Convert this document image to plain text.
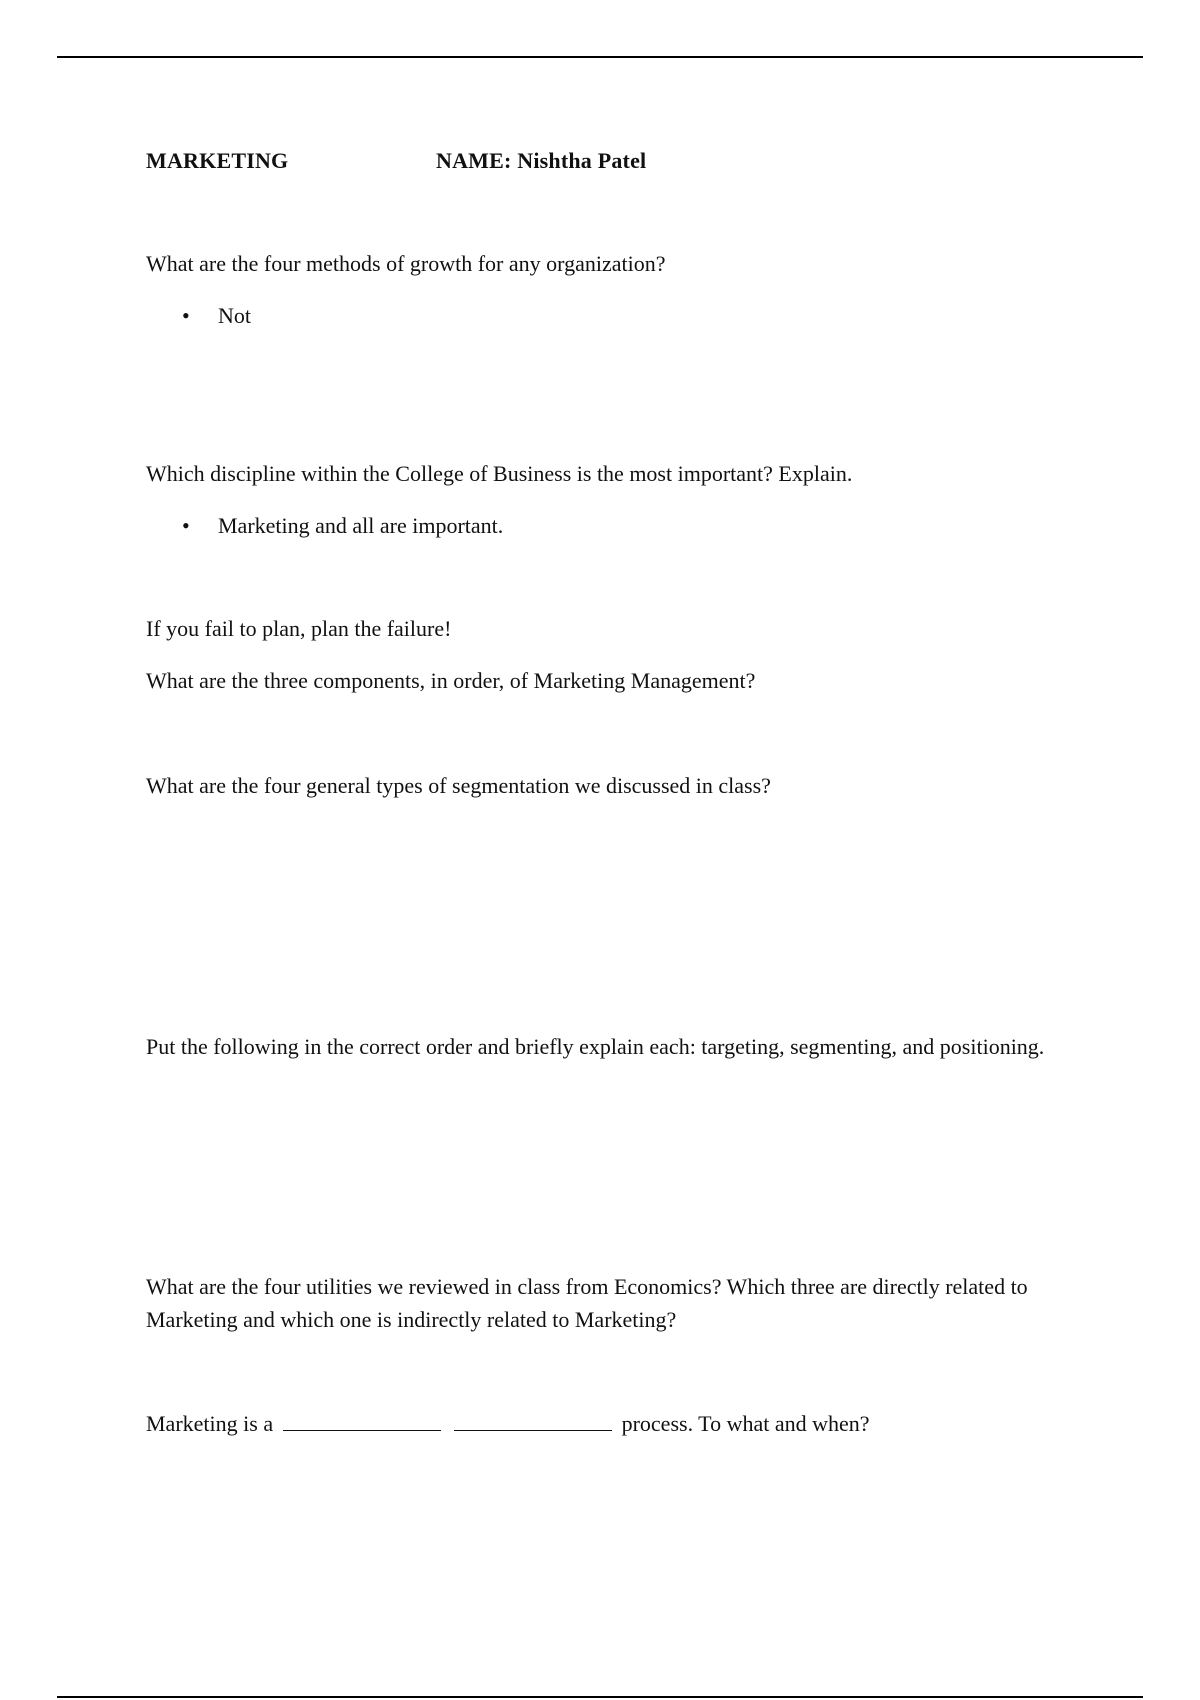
MARKETING	NAME: Nishtha Patel
What are the four methods of growth for any organization?
• Not
Which discipline within the College of Business is the most important? Explain.
• Marketing and all are important.
If you fail to plan, plan the failure!
What are the three components, in order, of Marketing Management?
What are the four general types of segmentation we discussed in class?
Put the following in the correct order and briefly explain each: targeting, segmenting, and positioning.
What are the four utilities we reviewed in class from Economics? Which three are directly related to Marketing and which one is indirectly related to Marketing?
Marketing is a	process. To what and when?
